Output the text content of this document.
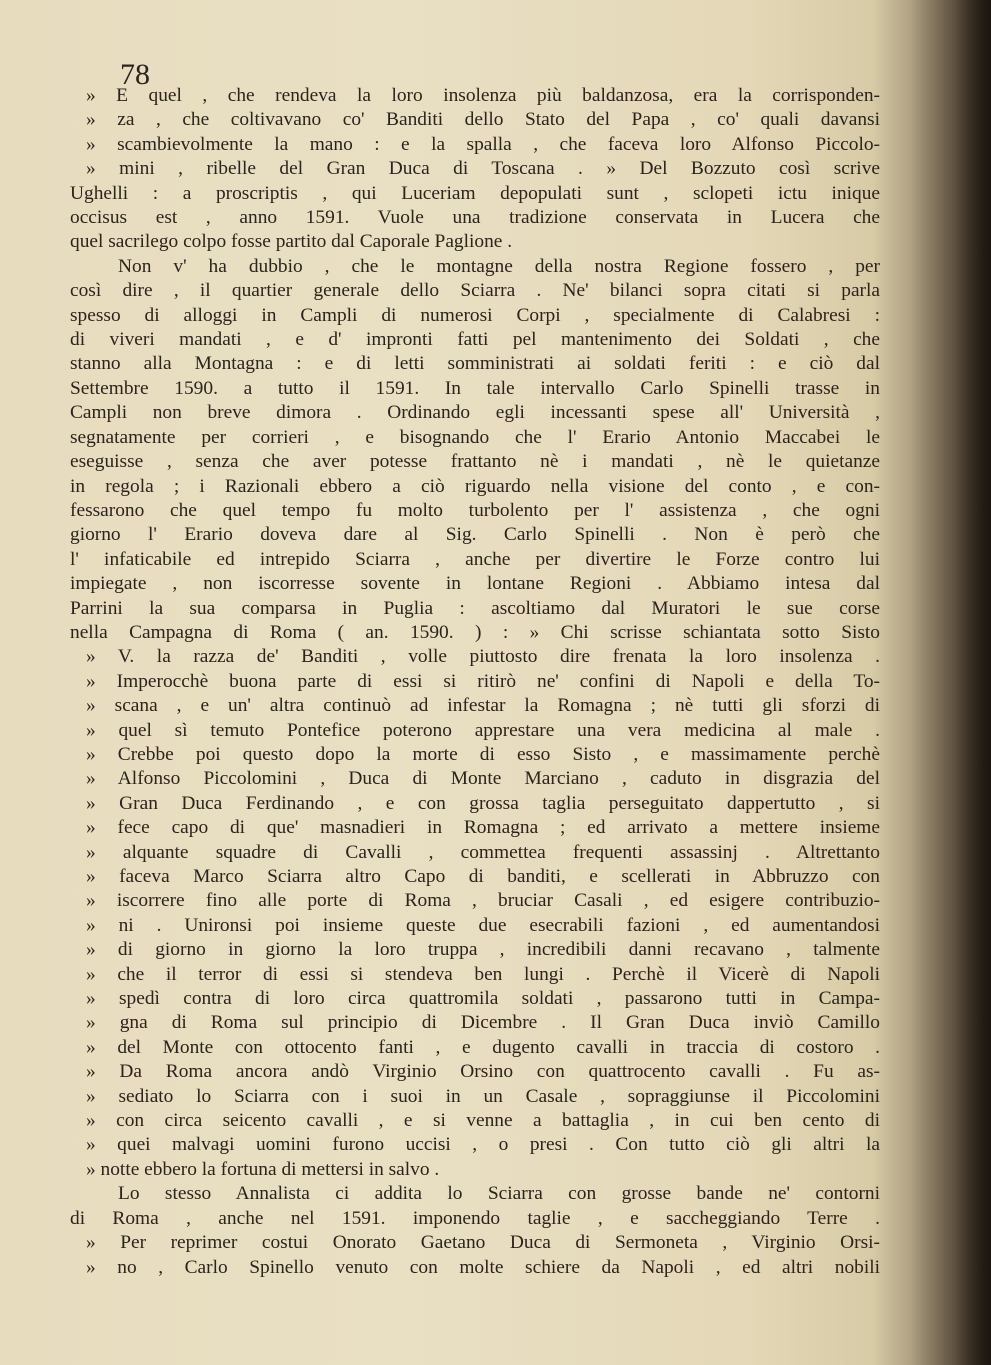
78

» E quel , che rendeva la loro insolenza più baldanzosa, era la corrisponden-
» za , che coltivavano co' Banditi dello Stato del Papa , co' quali davansi
» scambievolmente la mano : e la spalla , che faceva loro Alfonso Piccolo-
» mini , ribelle del Gran Duca di Toscana . » Del Bozzuto così scrive
Ughelli : a proscriptis , qui Luceriam depopulati sunt , sclopeti ictu inique
occisus est , anno 1591. Vuole una tradizione conservata in Lucera che
quel sacrilego colpo fosse partito dal Caporale Paglione .
Non v' ha dubbio , che le montagne della nostra Regione fossero , per
così dire , il quartier generale dello Sciarra . Ne' bilanci sopra citati si parla
spesso di alloggi in Campli di numerosi Corpi , specialmente di Calabresi :
di viveri mandati , e d' impronti fatti pel mantenimento dei Soldati , che
stanno alla Montagna : e di letti somministrati ai soldati feriti : e ciò dal
Settembre 1590. a tutto il 1591. In tale intervallo Carlo Spinelli trasse in
Campli non breve dimora . Ordinando egli incessanti spese all' Università ,
segnatamente per corrieri , e bisognando che l' Erario Antonio Maccabei le
eseguisse , senza che aver potesse frattanto nè i mandati , nè le quietanze
in regola ; i Razionali ebbero a ciò riguardo nella visione del conto , e con-
fessarono che quel tempo fu molto turbolento per l' assistenza , che ogni
giorno l' Erario doveva dare al Sig. Carlo Spinelli . Non è però che
l' infaticabile ed intrepido Sciarra , anche per divertire le Forze contro lui
impiegate , non iscorresse sovente in lontane Regioni . Abbiamo intesa dal
Parrini la sua comparsa in Puglia : ascoltiamo dal Muratori le sue corse
nella Campagna di Roma ( an. 1590. ) : » Chi scrisse schiantata sotto Sisto
» V. la razza de' Banditi , volle piuttosto dire frenata la loro insolenza .
» Imperocchè buona parte di essi si ritirò ne' confini di Napoli e della To-
» scana , e un' altra continuò ad infestar la Romagna ; nè tutti gli sforzi di
» quel sì temuto Pontefice poterono apprestare una vera medicina al male .
» Crebbe poi questo dopo la morte di esso Sisto , e massimamente perchè
» Alfonso Piccolomini , Duca di Monte Marciano , caduto in disgrazia del
» Gran Duca Ferdinando , e con grossa taglia perseguitato dappertutto , si
» fece capo di que' masnadieri in Romagna ; ed arrivato a mettere insieme
» alquante squadre di Cavalli , commettea frequenti assassinj . Altrettanto
» faceva Marco Sciarra altro Capo di banditi, e scellerati in Abbruzzo con
» iscorrere fino alle porte di Roma , bruciar Casali , ed esigere contribuzio-
» ni . Unironsi poi insieme queste due esecrabili fazioni , ed aumentandosi
» di giorno in giorno la loro truppa , incredibili danni recavano , talmente
» che il terror di essi si stendeva ben lungi . Perchè il Vicerè di Napoli
» spedì contra di loro circa quattromila soldati , passarono tutti in Campa-
» gna di Roma sul principio di Dicembre . Il Gran Duca inviò Camillo
» del Monte con ottocento fanti , e dugento cavalli in traccia di costoro .
» Da Roma ancora andò Virginio Orsino con quattrocento cavalli . Fu as-
» sediato lo Sciarra con i suoi in un Casale , sopraggiunse il Piccolomini
» con circa seicento cavalli , e si venne a battaglia , in cui ben cento di
» quei malvagi uomini furono uccisi , o presi . Con tutto ciò gli altri la
» notte ebbero la fortuna di mettersi in salvo .
Lo stesso Annalista ci addita lo Sciarra con grosse bande ne' contorni
di Roma , anche nel 1591. imponendo taglie , e saccheggiando Terre .
» Per reprimer costui Onorato Gaetano Duca di Sermoneta , Virginio Orsi-
» no , Carlo Spinello venuto con molte schiere da Napoli , ed altri nobili
